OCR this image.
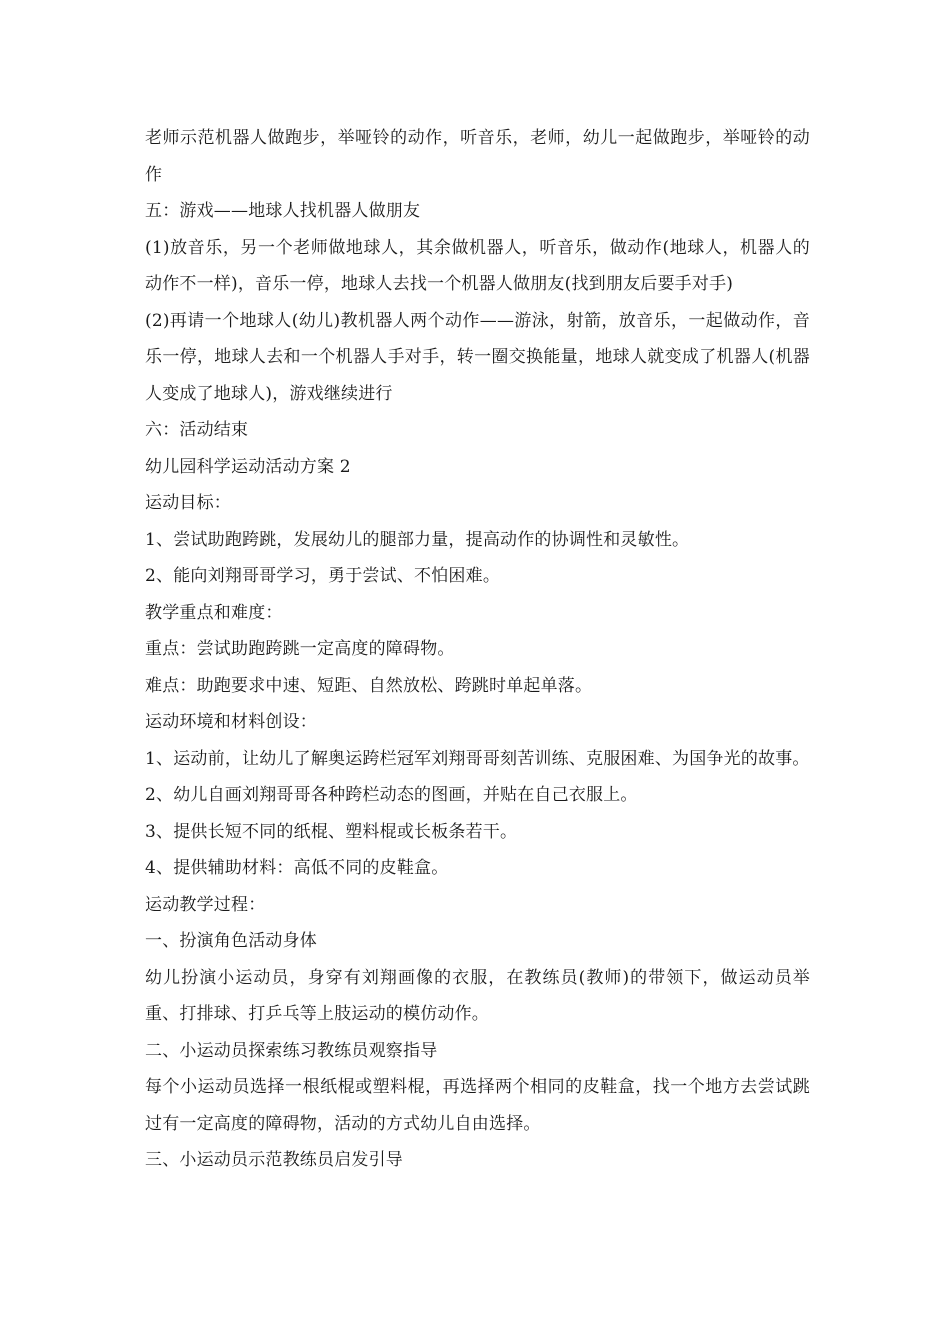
老师示范机器人做跑步，举哑铃的动作，听音乐，老师，幼儿一起做跑步，举哑铃的动作

五：游戏——地球人找机器人做朋友

(1)放音乐，另一个老师做地球人，其余做机器人，听音乐，做动作(地球人，机器人的动作不一样)，音乐一停，地球人去找一个机器人做朋友(找到朋友后要手对手)

(2)再请一个地球人(幼儿)教机器人两个动作——游泳，射箭，放音乐，一起做动作，音乐一停，地球人去和一个机器人手对手，转一圈交换能量，地球人就变成了机器人(机器人变成了地球人)，游戏继续进行

六：活动结束

幼儿园科学运动活动方案 2

运动目标：

1、尝试助跑跨跳，发展幼儿的腿部力量，提高动作的协调性和灵敏性。

2、能向刘翔哥哥学习，勇于尝试、不怕困难。

教学重点和难度：

重点：尝试助跑跨跳一定高度的障碍物。

难点：助跑要求中速、短距、自然放松、跨跳时单起单落。

运动环境和材料创设：

1、运动前，让幼儿了解奥运跨栏冠军刘翔哥哥刻苦训练、克服困难、为国争光的故事。

2、幼儿自画刘翔哥哥各种跨栏动态的图画，并贴在自己衣服上。

3、提供长短不同的纸棍、塑料棍或长板条若干。

4、提供辅助材料：高低不同的皮鞋盒。

运动教学过程：

一、扮演角色活动身体

幼儿扮演小运动员，身穿有刘翔画像的衣服，在教练员(教师)的带领下，做运动员举重、打排球、打乒乓等上肢运动的模仿动作。

二、小运动员探索练习教练员观察指导

每个小运动员选择一根纸棍或塑料棍，再选择两个相同的皮鞋盒，找一个地方去尝试跳过有一定高度的障碍物，活动的方式幼儿自由选择。

三、小运动员示范教练员启发引导
